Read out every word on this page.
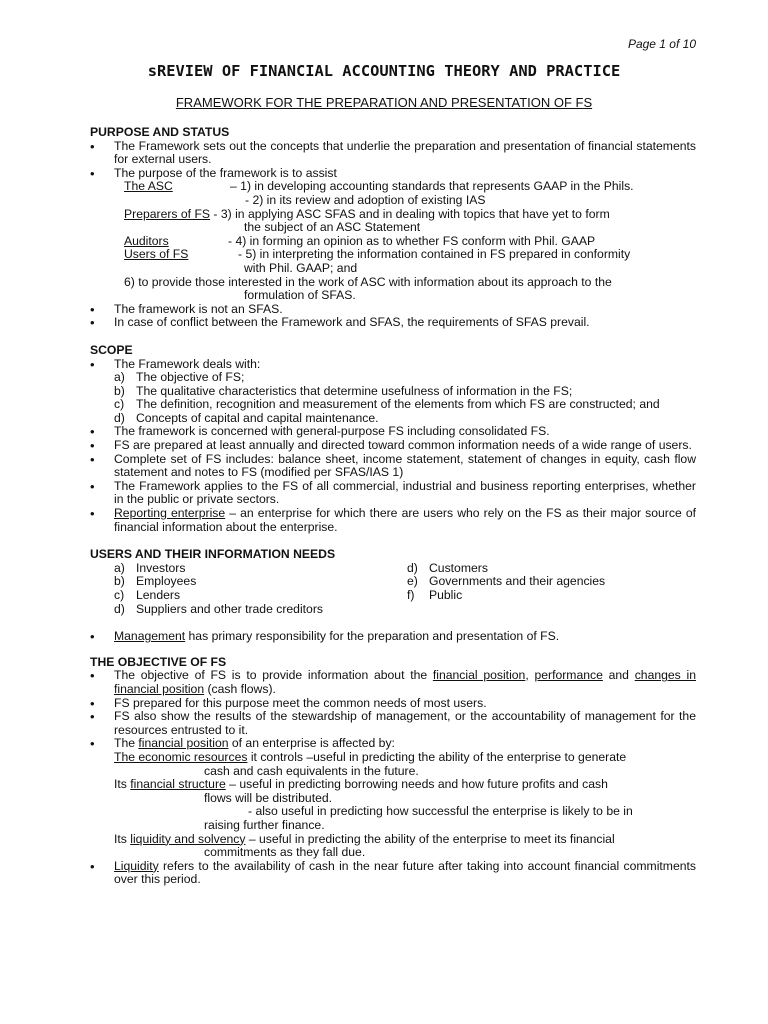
Page 1 of 10
sREVIEW OF FINANCIAL ACCOUNTING THEORY AND PRACTICE
FRAMEWORK FOR THE PREPARATION AND PRESENTATION OF FS
PURPOSE AND STATUS
• The Framework sets out the concepts that underlie the preparation and presentation of financial statements for external users.
• The purpose of the framework is to assist
The ASC	– 1) in developing accounting standards that represents GAAP in the Phils.
- 2) in its review and adoption of existing IAS
Preparers of FS - 3) in applying ASC SFAS and in dealing with topics that have yet to form
the subject of an ASC Statement
Auditors	- 4) in forming an opinion as to whether FS conform with Phil. GAAP
Users of FS	- 5) in interpreting the information contained in FS prepared in conformity
with Phil. GAAP; and
6) to provide those interested in the work of ASC with information about its approach to the
formulation of SFAS.
• The framework is not an SFAS.
• In case of conflict between the Framework and SFAS, the requirements of SFAS prevail.
SCOPE
• The Framework deals with:
a) The objective of FS;
b) The qualitative characteristics that determine usefulness of information in the FS;
c) The definition, recognition and measurement of the elements from which FS are constructed; and
d) Concepts of capital and capital maintenance.
• The framework is concerned with general-purpose FS including consolidated FS.
• FS are prepared at least annually and directed toward common information needs of a wide range of users.
• Complete set of FS includes: balance sheet, income statement, statement of changes in equity, cash flow statement and notes to FS (modified per SFAS/IAS 1)
• The Framework applies to the FS of all commercial, industrial and business reporting enterprises, whether in the public or private sectors.
• Reporting enterprise – an enterprise for which there are users who rely on the FS as their major source of financial information about the enterprise.
USERS AND THEIR INFORMATION NEEDS
a) Investors
b) Employees
c) Lenders
d) Suppliers and other trade creditors
d) Customers
e) Governments and their agencies
f) Public
• Management has primary responsibility for the preparation and presentation of FS.
THE OBJECTIVE OF FS
• The objective of FS is to provide information about the financial position, performance and changes in financial position (cash flows).
• FS prepared for this purpose meet the common needs of most users.
• FS also show the results of the stewardship of management, or the accountability of management for the resources entrusted to it.
• The financial position of an enterprise is affected by:
The economic resources it controls –useful in predicting the ability of the enterprise to generate
cash and cash equivalents in the future.
Its financial structure – useful in predicting borrowing needs and how future profits and cash
flows will be distributed.
- also useful in predicting how successful the enterprise is likely to be in
raising further finance.
Its liquidity and solvency – useful in predicting the ability of the enterprise to meet its financial
commitments as they fall due.
• Liquidity refers to the availability of cash in the near future after taking into account financial commitments over this period.
